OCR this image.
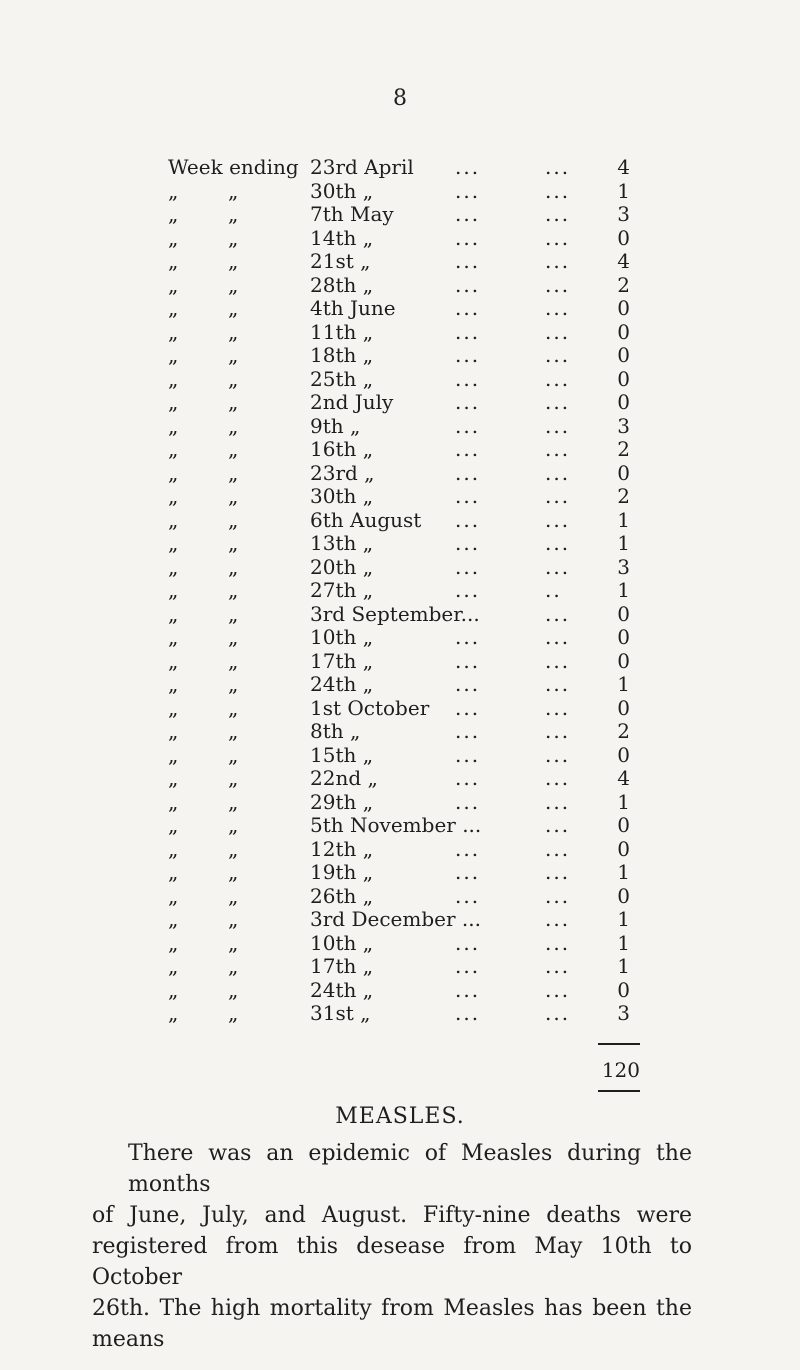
8
Week ending 23rd April ...	... 4
„ „	30th „	...	... 1
„ „	7th May	...	... 3
„ „	14th „	...	... 0
„ „	21st „	...	... 4
„ „	28th „	...	... 2
„ „	4th June	...	... 0
„ „	11th „	...	... 0
„ „	18th „	...	... 0
„ „	25th „	...	... 0
„ „	2nd July	...	... 0
„ „	9th „	...	... 3
„ „	16th „	...	... 2
„ „	23rd „	...	... 0
„ „	30th „	...	... 2
„ „	6th August ...	... 1
„ „	13th „	...	... 1
„ „	20th „	...	... 3
„ „	27th „	...	..	1
„ „	3rd September...	... 0
„ „	10th „	...	... 0
„ „	17th „	...	... 0
„ „	24th „	...	... 1
„ „	1st October ...	... 0
„ „	8th „	...	... 2
„ „	15th „	...	... 0
„ „	22nd „	...	... 4
„ „	29th „	...	... 1
„ „	5th November ...	... 0
„ „	12th „	...	... 0
„ „	19th „	...	... 1
„ „	26th „	...	... 0
„ „	3rd December ...	... 1
„ „	10th „	...	... 1
„ „	17th „	...	... 1
„ „	24th „	...	... 0
„ „	31st „	...	... 3
120
MEASLES.
There was an epidemic of Measles during the months
of June, July, and August. Fifty-nine deaths were
registered from this desease from May 10th to October
26th. The high mortality from Measles has been the means
